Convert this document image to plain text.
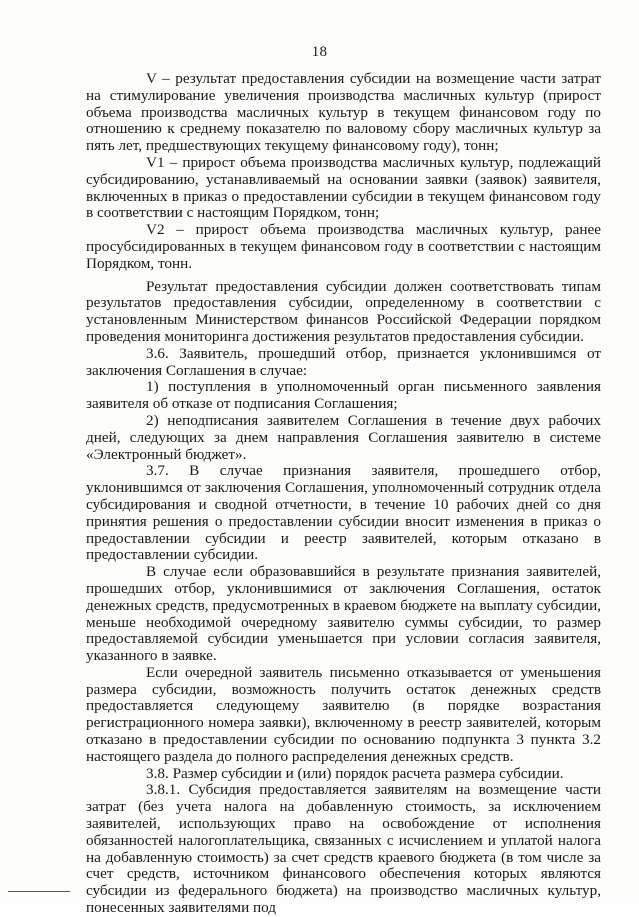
18

V – результат предоставления субсидии на возмещение части затрат на стимулирование увеличения производства масличных культур (прирост объема производства масличных культур в текущем финансовом году по отношению к среднему показателю по валовому сбору масличных культур за пять лет, предшествующих текущему финансовому году), тонн;

V1 – прирост объема производства масличных культур, подлежащий субсидированию, устанавливаемый на основании заявки (заявок) заявителя, включенных в приказ о предоставлении субсидии в текущем финансовом году в соответствии с настоящим Порядком, тонн;

V2 – прирост объема производства масличных культур, ранее просубсидированных в текущем финансовом году в соответствии с настоящим Порядком, тонн.

Результат предоставления субсидии должен соответствовать типам результатов предоставления субсидии, определенному в соответствии с установленным Министерством финансов Российской Федерации порядком проведения мониторинга достижения результатов предоставления субсидии.

3.6. Заявитель, прошедший отбор, признается уклонившимся от заключения Соглашения в случае:

1) поступления в уполномоченный орган письменного заявления заявителя об отказе от подписания Соглашения;

2) неподписания заявителем Соглашения в течение двух рабочих дней, следующих за днем направления Соглашения заявителю в системе «Электронный бюджет».

3.7. В случае признания заявителя, прошедшего отбор, уклонившимся от заключения Соглашения, уполномоченный сотрудник отдела субсидирования и сводной отчетности, в течение 10 рабочих дней со дня принятия решения о предоставлении субсидии вносит изменения в приказ о предоставлении субсидии и реестр заявителей, которым отказано в предоставлении субсидии.

В случае если образовавшийся в результате признания заявителей, прошедших отбор, уклонившимися от заключения Соглашения, остаток денежных средств, предусмотренных в краевом бюджете на выплату субсидии, меньше необходимой очередному заявителю суммы субсидии, то размер предоставляемой субсидии уменьшается при условии согласия заявителя, указанного в заявке.

Если очередной заявитель письменно отказывается от уменьшения размера субсидии, возможность получить остаток денежных средств предоставляется следующему заявителю (в порядке возрастания регистрационного номера заявки), включенному в реестр заявителей, которым отказано в предоставлении субсидии по основанию подпункта 3 пункта 3.2 настоящего раздела до полного распределения денежных средств.

3.8. Размер субсидии и (или) порядок расчета размера субсидии.

3.8.1. Субсидия предоставляется заявителям на возмещение части затрат (без учета налога на добавленную стоимость, за исключением заявителей, использующих право на освобождение от исполнения обязанностей налогоплательщика, связанных с исчислением и уплатой налога на добавленную стоимость) за счет средств краевого бюджета (в том числе за счет средств, источником финансового обеспечения которых являются субсидии из федерального бюджета) на производство масличных культур, понесенных заявителями под
